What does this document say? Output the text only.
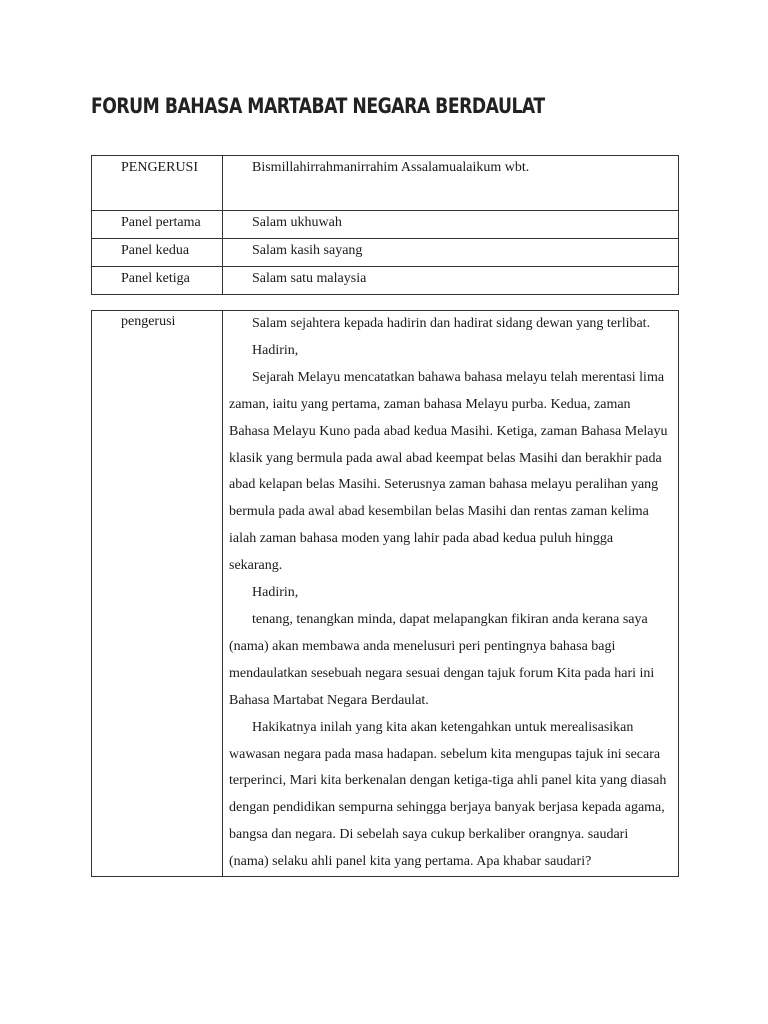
FORUM BAHASA MARTABAT NEGARA BERDAULAT
PENGERUSI	Bismillahirrahmanirrahim Assalamualaikum wbt.
Panel pertama	Salam ukhuwah
Panel kedua	Salam kasih sayang
Panel ketiga	Salam satu malaysia
pengerusi	Salam sejahtera kepada hadirin dan hadirat sidang dewan yang terlibat.

Hadirin,

Sejarah Melayu mencatatkan bahawa bahasa melayu telah merentasi lima zaman, iaitu yang pertama, zaman bahasa Melayu purba. Kedua, zaman Bahasa Melayu Kuno pada abad kedua Masihi. Ketiga, zaman Bahasa Melayu klasik yang bermula pada awal abad keempat belas Masihi dan berakhir pada abad kelapan belas Masihi. Seterusnya zaman bahasa melayu peralihan yang bermula pada awal abad kesembilan belas Masihi dan rentas zaman kelima ialah zaman bahasa moden yang lahir pada abad kedua puluh hingga sekarang.

Hadirin,

tenang, tenangkan minda, dapat melapangkan fikiran anda kerana saya (nama) akan membawa anda menelusuri peri pentingnya bahasa bagi mendaulatkan sesebuah negara sesuai dengan tajuk forum Kita pada hari ini Bahasa Martabat Negara Berdaulat.

Hakikatnya inilah yang kita akan ketengahkan untuk merealisasikan wawasan negara pada masa hadapan. sebelum kita mengupas tajuk ini secara terperinci, Mari kita berkenalan dengan ketiga-tiga ahli panel kita yang diasah dengan pendidikan sempurna sehingga berjaya banyak berjasa kepada agama, bangsa dan negara. Di sebelah saya cukup berkaliber orangnya. saudari (nama) selaku ahli panel kita yang pertama. Apa khabar saudari?
